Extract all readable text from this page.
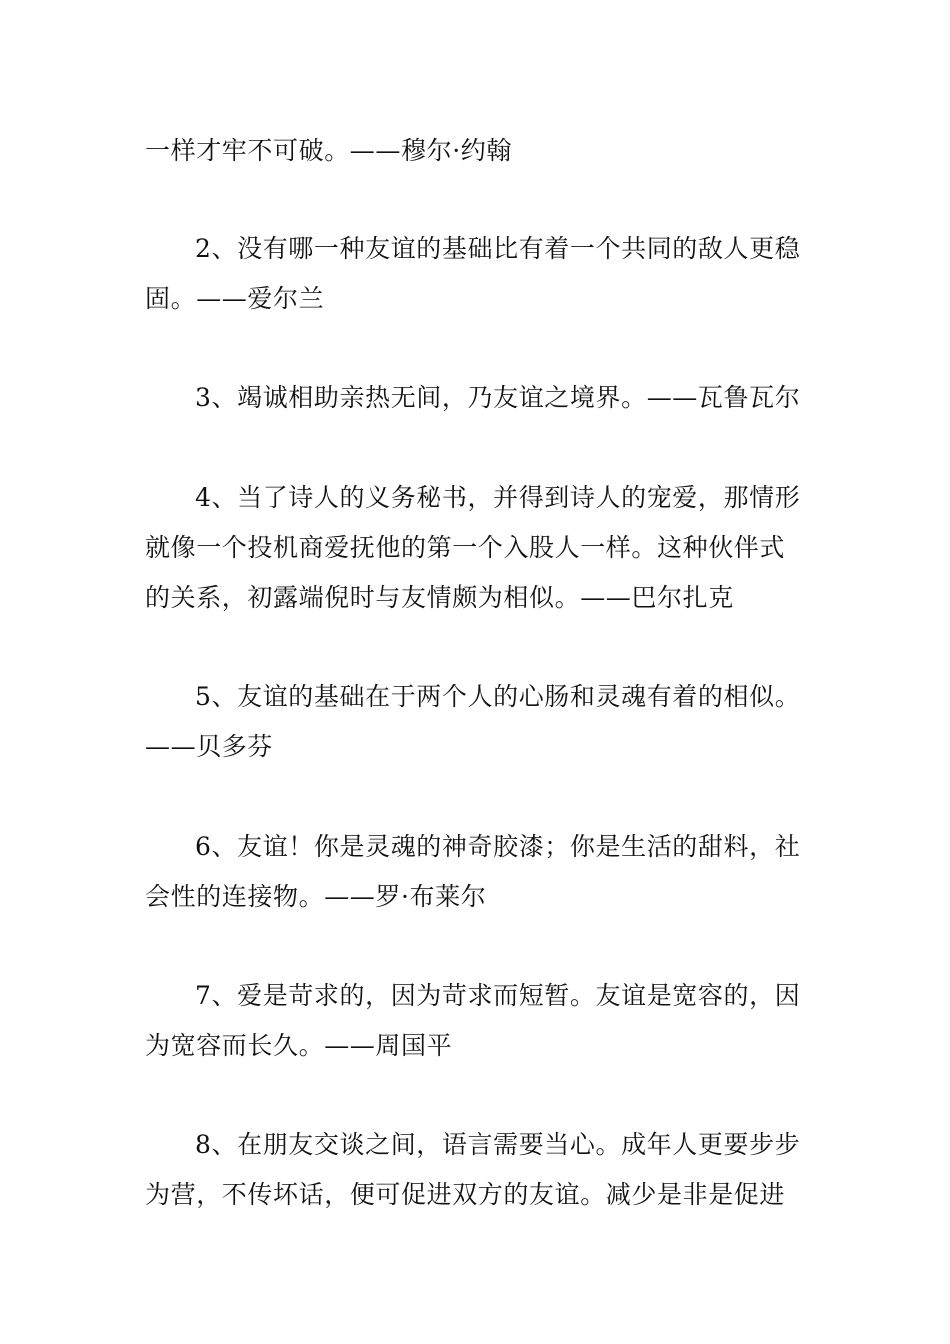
一样才牢不可破。——穆尔·约翰
2、没有哪一种友谊的基础比有着一个共同的敌人更稳
固。——爱尔兰
3、竭诚相助亲热无间，乃友谊之境界。——瓦鲁瓦尔
4、当了诗人的义务秘书，并得到诗人的宠爱，那情形
就像一个投机商爱抚他的第一个入股人一样。这种伙伴式
的关系，初露端倪时与友情颇为相似。——巴尔扎克
5、友谊的基础在于两个人的心肠和灵魂有着的相似。
——贝多芬
6、友谊！你是灵魂的神奇胶漆；你是生活的甜料，社
会性的连接物。——罗·布莱尔
7、爱是苛求的，因为苛求而短暂。友谊是宽容的，因
为宽容而长久。——周国平
8、在朋友交谈之间，语言需要当心。成年人更要步步
为营，不传坏话，便可促进双方的友谊。减少是非是促进
